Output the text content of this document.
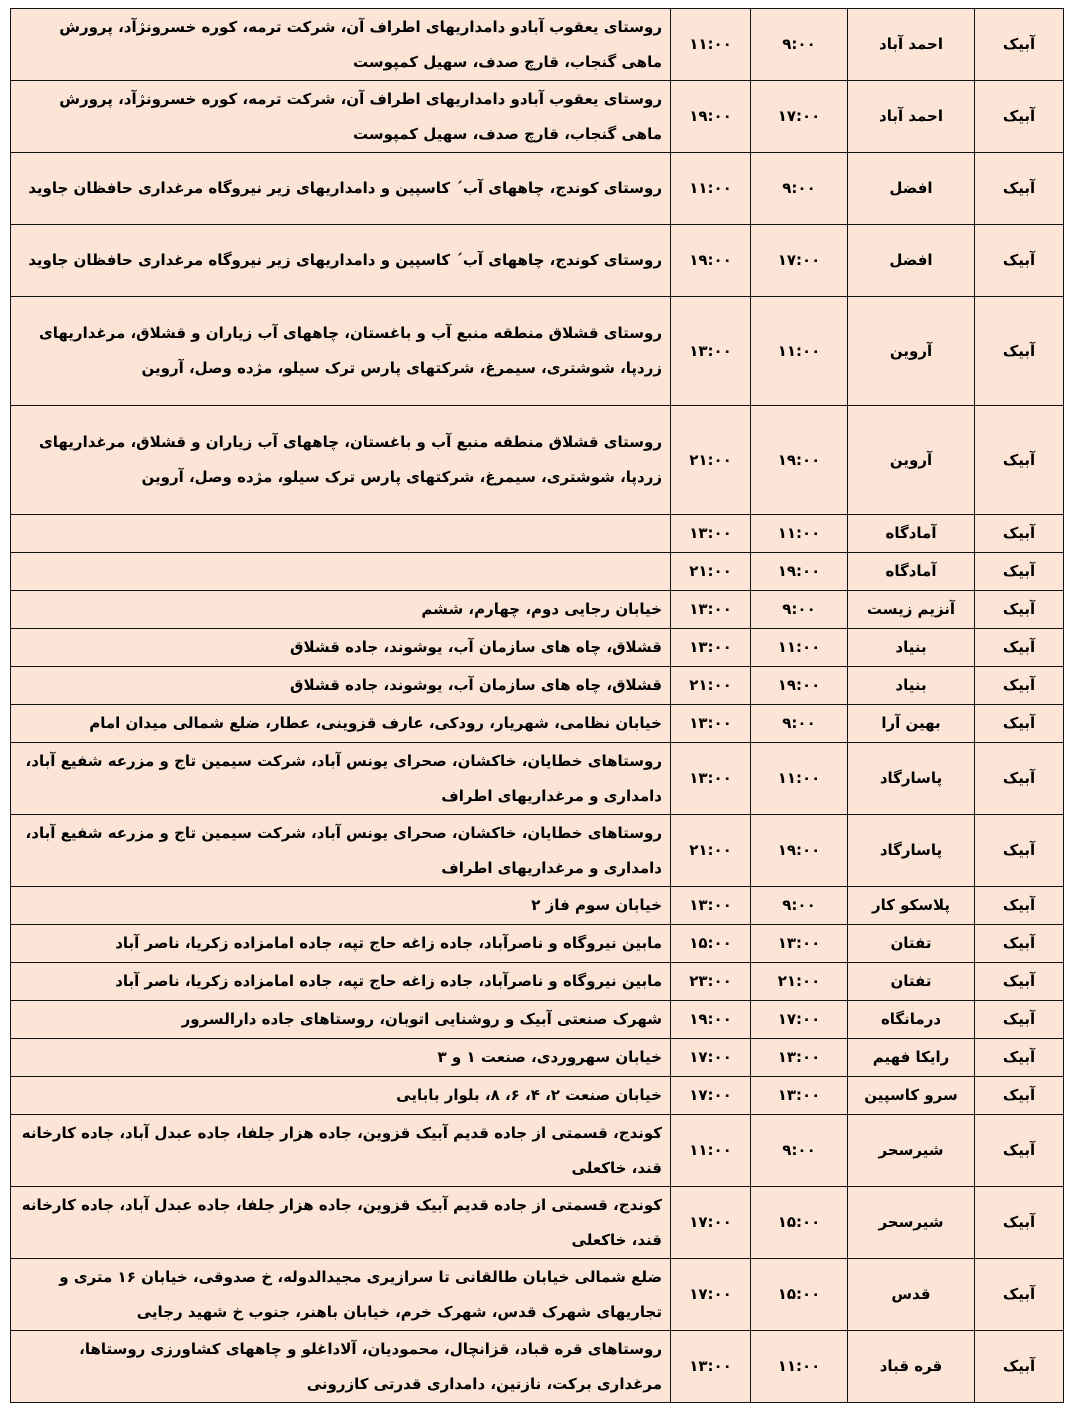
آبیک	احمد آباد	۹:۰۰	۱۱:۰۰	روستای یعقوب آبادو دامداریهای اطراف آن، شرکت ترمه، کوره خسرونژآد، پرورش ماهی گنجاب، قارچ صدف، سهیل کمپوست
آبیک	احمد آباد	۱۷:۰۰	۱۹:۰۰	روستای یعقوب آبادو دامداریهای اطراف آن، شرکت ترمه، کوره خسرونژآد، پرورش ماهی گنجاب، قارچ صدف، سهیل کمپوست
آبیک	افضل	۹:۰۰	۱۱:۰۰	روستای کوندج، چاههای آب´ کاسپین و دامداریهای زیر نیروگاه مرغداری حافظان جاوید
آبیک	افضل	۱۷:۰۰	۱۹:۰۰	روستای کوندج، چاههای آب´ کاسپین و دامداریهای زیر نیروگاه مرغداری حافظان جاوید
آبیک	آروین	۱۱:۰۰	۱۳:۰۰	روستای قشلاق منطقه منبع آب و باغستان، چاههای آب زیاران و قشلاق، مرغداریهای زردپا، شوشتری، سیمرغ، شرکتهای پارس ترک سیلو، مژده وصل، آروین
آبیک	آروین	۱۹:۰۰	۲۱:۰۰	روستای قشلاق منطقه منبع آب و باغستان، چاههای آب زیاران و قشلاق، مرغداریهای زردپا، شوشتری، سیمرغ، شرکتهای پارس ترک سیلو، مژده وصل، آروین
آبیک	آمادگاه	۱۱:۰۰	۱۳:۰۰	
آبیک	آمادگاه	۱۹:۰۰	۲۱:۰۰	
آبیک	آنزیم زیست	۹:۰۰	۱۳:۰۰	خیابان رجایی دوم، چهارم، ششم
آبیک	بنیاد	۱۱:۰۰	۱۳:۰۰	قشلاق، چاه های سازمان آب، یوشوند، جاده قشلاق
آبیک	بنیاد	۱۹:۰۰	۲۱:۰۰	قشلاق، چاه های سازمان آب، یوشوند، جاده قشلاق
آبیک	بهین آرا	۹:۰۰	۱۳:۰۰	خیابان نظامی، شهریار، رودکی، عارف قزوینی، عطار، ضلع شمالی میدان امام
آبیک	پاسارگاد	۱۱:۰۰	۱۳:۰۰	روستاهای خطایان، خاکشان، صحرای یونس آباد، شرکت سیمین تاج و مزرعه شفیع آباد، دامداری و مرغداریهای اطراف
آبیک	پاسارگاد	۱۹:۰۰	۲۱:۰۰	روستاهای خطایان، خاکشان، صحرای یونس آباد، شرکت سیمین تاج و مزرعه شفیع آباد، دامداری و مرغداریهای اطراف
آبیک	پلاسکو کار	۹:۰۰	۱۳:۰۰	خیابان سوم فاز ۲
آبیک	تفتان	۱۳:۰۰	۱۵:۰۰	مابین نیروگاه و ناصرآباد، جاده زاغه حاج تپه، جاده امامزاده زکریا، ناصر آباد
آبیک	تفتان	۲۱:۰۰	۲۳:۰۰	مابین نیروگاه و ناصرآباد، جاده زاغه حاج تپه، جاده امامزاده زکریا، ناصر آباد
آبیک	درمانگاه	۱۷:۰۰	۱۹:۰۰	شهرک صنعتی آبیک و روشنایی اتوبان، روستاهای جاده دارالسرور
آبیک	رایکا فهیم	۱۳:۰۰	۱۷:۰۰	خیابان سهروردی، صنعت ۱ و ۳
آبیک	سرو کاسپین	۱۳:۰۰	۱۷:۰۰	خیابان صنعت ۲، ۴، ۶، ۸، بلوار بابایی
آبیک	شیرسحر	۹:۰۰	۱۱:۰۰	کوندج، قسمتی از جاده قدیم آبیک قزوین، جاده هزار جلفا، جاده عبدل آباد، جاده کارخانه قند، خاکعلی
آبیک	شیرسحر	۱۵:۰۰	۱۷:۰۰	کوندج، قسمتی از جاده قدیم آبیک قزوین، جاده هزار جلفا، جاده عبدل آباد، جاده کارخانه قند، خاکعلی
آبیک	قدس	۱۵:۰۰	۱۷:۰۰	ضلع شمالی خیابان طالقانی تا سرازیری مجیدالدوله، خ صدوقی، خیابان ۱۶ متری و تجاریهای شهرک قدس، شهرک خرم، خیابان باهنر، جنوب خ شهید رجایی
آبیک	قره قباد	۱۱:۰۰	۱۳:۰۰	روستاهای قره قباد، قزانچال، محمودیان، آلاداغلو و چاههای کشاورزی روستاها، مرغداری برکت، نازنین، دامداری قدرتی کازرونی
